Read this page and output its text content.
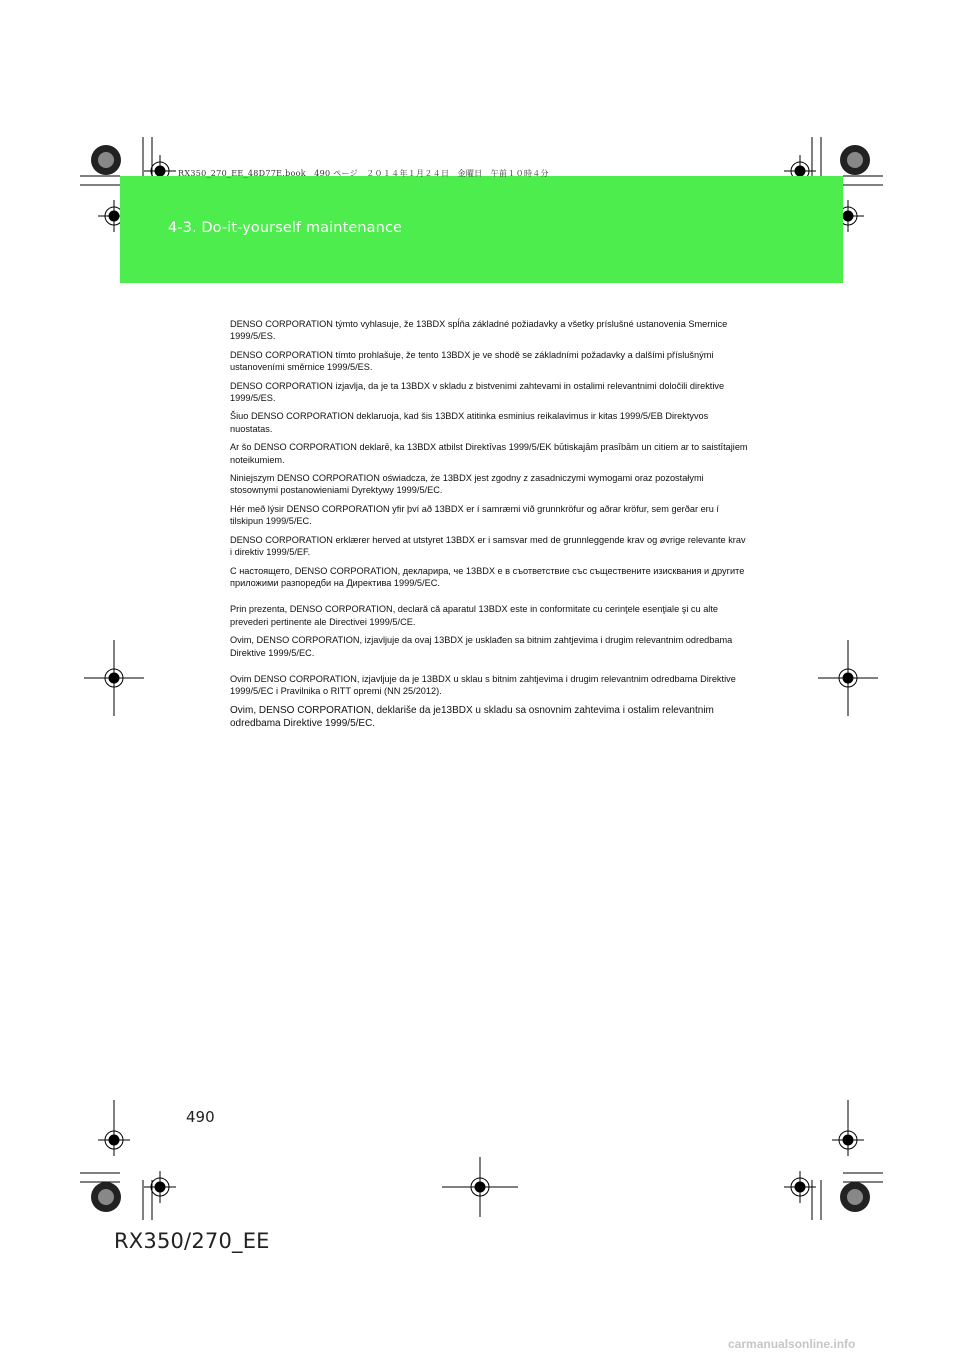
4-3. Do-it-yourself maintenance
RX350_270_EE_48D77E.book　490 ページ　２０１４年１月２４日　金曜日　午前１０時４分

DENSO CORPORATION týmto vyhlasuje, že 13BDX spĺňa základné požiadavky a všetky príslušné ustanovenia Smernice 1999/5/ES.

DENSO CORPORATION tímto prohlašuje, že tento 13BDX je ve shodě se základními požadavky a dalšími příslušnými ustanoveními směrnice 1999/5/ES.

DENSO CORPORATION izjavlja, da je ta 13BDX v skladu z bistvenimi zahtevami in ostalimi relevantnimi določili direktive 1999/5/ES.

Šiuo DENSO CORPORATION deklaruoja, kad šis 13BDX atitinka esminius reikalavimus ir kitas 1999/5/EB Direktyvos nuostatas.

Ar šo DENSO CORPORATION deklarē, ka 13BDX atbilst Direktīvas 1999/5/EK būtiskajām prasībām un citiem ar to saistītajiem noteikumiem.

Niniejszym DENSO CORPORATION oświadcza, że 13BDX jest zgodny z zasadniczymi wymogami oraz pozostałymi stosownymi postanowieniami Dyrektywy 1999/5/EC.

Hér með lýsir DENSO CORPORATION yfir því að 13BDX er í samræmi við grunnkröfur og aðrar kröfur, sem gerðar eru í tilskipun 1999/5/EC.

DENSO CORPORATION erklærer herved at utstyret 13BDX er i samsvar med de grunnleggende krav og øvrige relevante krav i direktiv 1999/5/EF.

С настоящето, DENSO CORPORATION, декларира, че 13BDX е в съответствие със съществените изисквания и другите приложими разпоредби на Директива 1999/5/ЕС.

Prin prezenta, DENSO CORPORATION, declară că aparatul 13BDX este in conformitate cu cerinţele esenţiale şi cu alte prevederi pertinente ale Directivei 1999/5/CE.

Ovim, DENSO CORPORATION, izjavljuje da ovaj 13BDX je usklađen sa bitnim zahtjevima i drugim relevantnim odredbama Direktive 1999/5/EC.

Ovim DENSO CORPORATION, izjavljuje da je 13BDX u sklau s bitnim zahtjevima i drugim relevantnim odredbama Direktive 1999/5/EC i Pravilnika o RITT opremi (NN 25/2012).

Ovim, DENSO CORPORATION, deklariše da je13BDX u skladu sa osnovnim zahtevima i ostalim relevantnim odredbama Direktive 1999/5/EC.

490
RX350/270_EE
carmanualsonline.info
